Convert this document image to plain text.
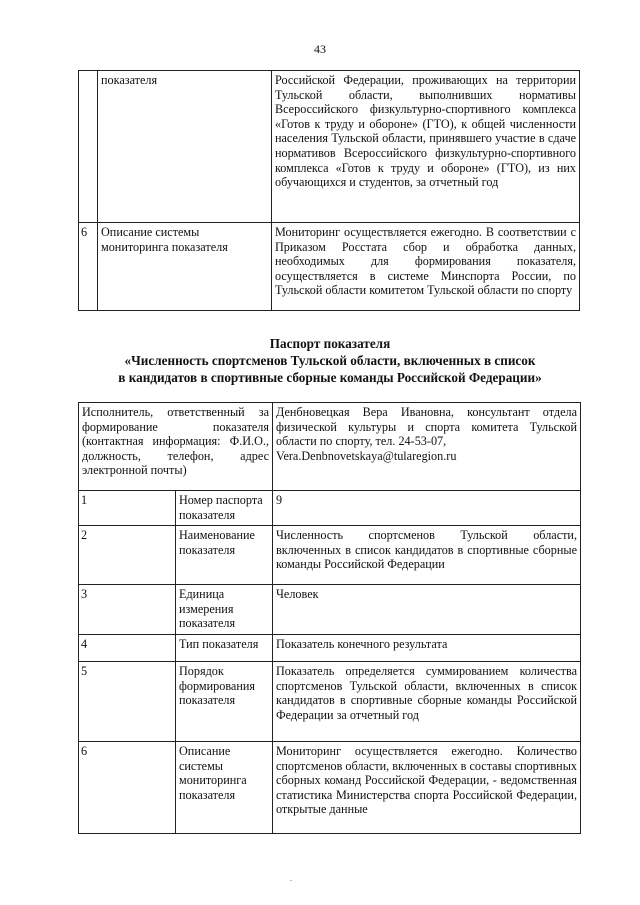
43
	показателя	Российской Федерации, проживающих на территории Тульской области, выполнивших нормативы Всероссийского физкультурно-спортивного комплекса «Готов к труду и обороне» (ГТО), к общей численности населения Тульской области, принявшего участие в сдаче нормативов Всероссийского физкультурно-спортивного комплекса «Готов к труду и обороне» (ГТО), из них обучающихся и студентов, за отчетный год
6	Описание системы мониторинга показателя	Мониторинг осуществляется ежегодно. В соответствии с Приказом Росстата сбор и обработка данных, необходимых для формирования показателя, осуществляется в системе Минспорта России, по Тульской области комитетом Тульской области по спорту
Паспорт показателя
«Численность спортсменов Тульской области, включенных в список
в кандидатов в спортивные сборные команды Российской Федерации»
Исполнитель, ответственный за формирование показателя (контактная информация: Ф.И.О., должность, телефон, адрес электронной почты)		Денбновецкая Вера Ивановна, консультант отдела физической культуры и спорта комитета Тульской области по спорту, тел. 24-53-07,
Vera.Denbnovetskaya@tularegion.ru

1	Номер паспорта показателя	9
2	Наименование показателя	Численность спортсменов Тульской области, включенных в список кандидатов в спортивные сборные команды Российской Федерации
3	Единица измерения показателя	Человек
4	Тип показателя	Показатель конечного результата
5	Порядок формирования показателя	Показатель определяется суммированием количества спортсменов Тульской области, включенных в список кандидатов в спортивные сборные команды Российской Федерации за отчетный год
6	Описание системы мониторинга показателя	Мониторинг осуществляется ежегодно. Количество спортсменов области, включенных в составы спортивных сборных команд Российской Федерации, - ведомственная статистика Министерства спорта Российской Федерации, открытые данные
